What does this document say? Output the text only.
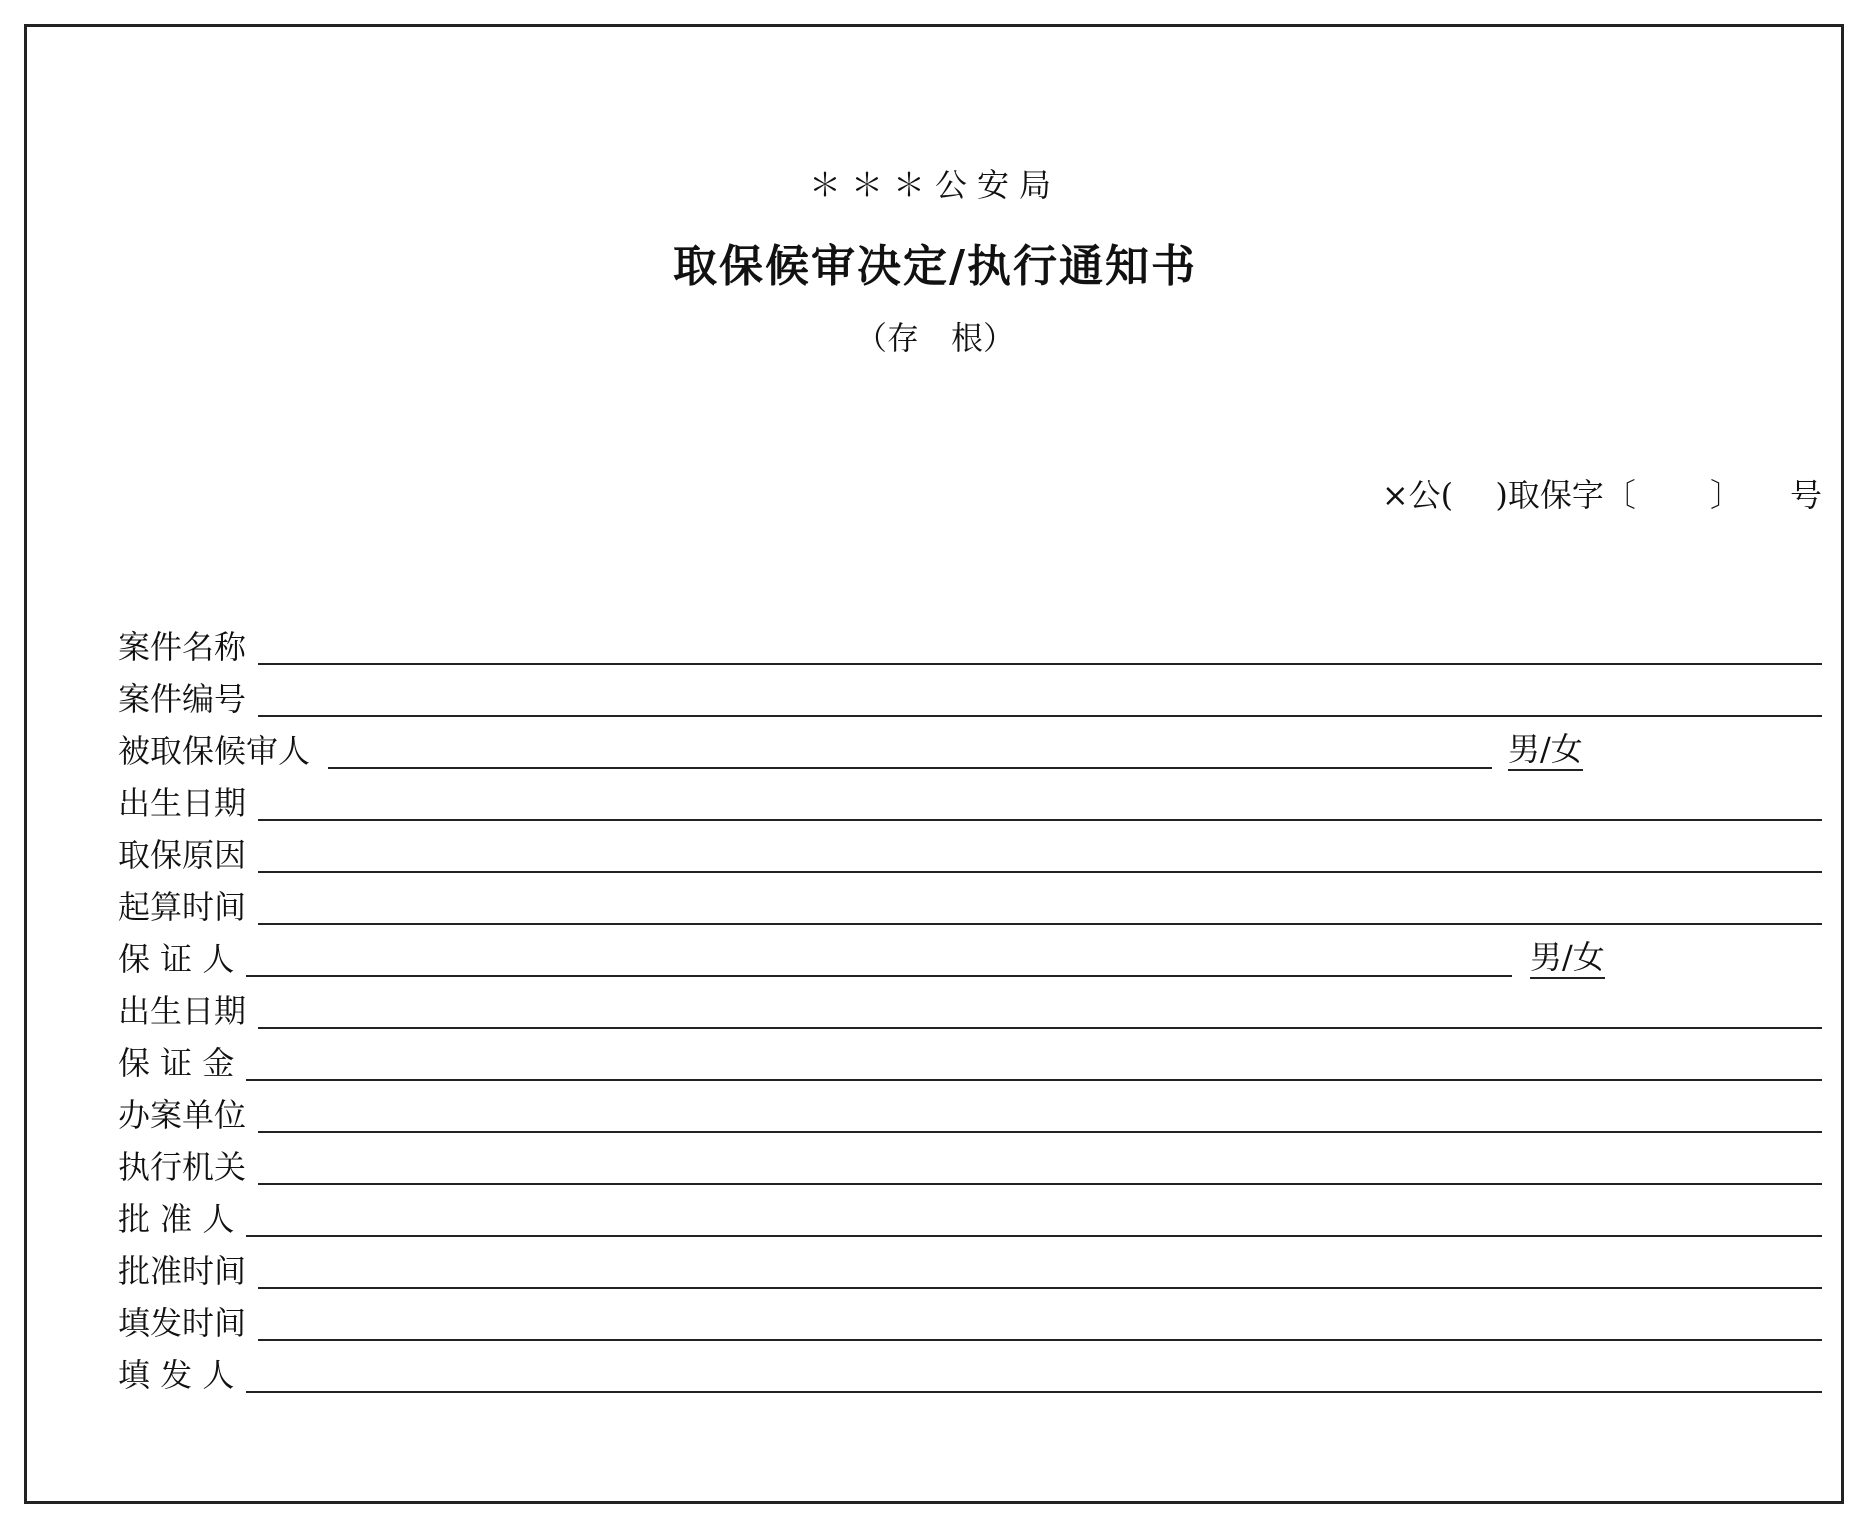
＊＊＊公安局
取保候审决定/执行通知书
（存　根）
×公(　 )取保字〔　　 〕　　号
案件名称
案件编号
被取保候审人	男/女
出生日期
取保原因
起算时间
保 证 人	男/女
出生日期
保 证 金
办案单位
执行机关
批 准 人
批准时间
填发时间
填 发 人
